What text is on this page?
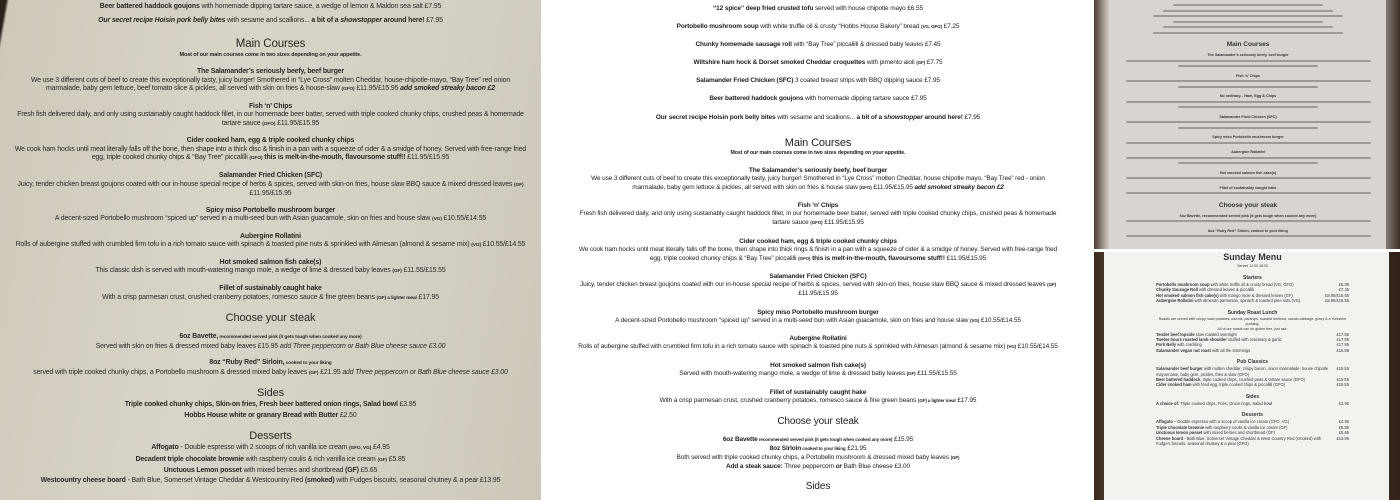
Beer battered haddock goujons with homemade dipping tartare sauce, a wedge of lemon & Maldon sea salt £7.95
Our secret recipe Hoisin pork belly bites with sesame and scallions... a bit of a showstopper around here! £7.95
Main Courses
Most of our main courses come in two sizes depending on your appetite.
The Salamander’s seriously beefy, beef burger
We use 3 different cuts of beef to create this exceptionally tasty, juicy burger! Smothered in “Lye Cross” molten Cheddar, house-chipotle-mayo, “Bay Tree” red onion marmalade, baby gem lettuce, beef tomato slice & pickles, all served with skin on fries & house-slaw (GFO) £11.95/£15.95 add smoked streaky bacon £2
Fish ‘n’ Chips
Fresh fish delivered daily, and only using sustainably caught haddock fillet, in our homemade beer batter, served with triple cooked chunky chips, crushed peas & homemade tartare sauce (GFO) £11.95/£15.95
Cider cooked ham, egg & triple cooked chunky chips
We cook ham hocks until meat literally falls off the bone, then shape into a thick disc & finish in a pan with a squeeze of cider & a smidge of honey. Served with free-range fried egg, triple cooked chunky chips & “Bay Tree” piccalilli (GFO) this is melt-in-the-mouth, flavoursome stuff!! £11.95/£15.95
Salamander Fried Chicken (SFC)
Juicy, tender chicken breast goujons coated with our in-house special recipe of herbs & spices, served with skin-on fries, house slaw BBQ sauce & mixed dressed leaves (GF) £11.95/£15.95
Spicy miso Portobello mushroom burger
A decent-sized Portobello mushroom “spiced up” served in a multi-seed bun with Asian guacamole, skin on fries and house slaw (VG) £10.55/£14.55
Aubergine Rollatini
Rolls of aubergine stuffed with crumbled firm tofu in a rich tomato sauce with spinach & toasted pine nuts & sprinkled with Almesan (almond & sesame mix) (VG) £10.55/£14.55
Hot smoked salmon fish cake(s)
This classic dish is served with mouth-watering mango mole, a wedge of lime & dressed baby leaves (GF) £11.55/£15.55
Fillet of sustainably caught hake
With a crisp parmesan crust, crushed cranberry potatoes, romesco sauce & fine green beans (GF) a lighter meal £17.95
Choose your steak
6oz Bavette, recommended served pink (it gets tough when cooked any more)
Served with skin on fries & dressed mixed baby leaves £15.95 add Three peppercorn or Bath Blue cheese sauce £3.00
8oz “Ruby Red” Sirloin, cooked to your liking
served with triple cooked chunky chips, a Portobello mushroom & dressed mixed baby leaves (GF) £21.95 add Three peppercorn or Bath Blue cheese sauce £3.00
Sides
Triple cooked chunky chips, Skin-on fries, Fresh beer battered onion rings, Salad bowl £3.95
Hobbs House white or granary Bread with Butter £2.50
Desserts
Affogato - Double espresso with 2 scoops of rich vanilla ice cream (GFO, VG) £4.95
Decadent triple chocolate brownie with raspberry coulis & rich vanilla ice cream (GF) £5.85
Unctuous Lemon posset with mixed berries and shortbread (GF) £5.65
Westcountry cheese board - Bath Blue, Somerset Vintage Cheddar & Westcountry Red (smoked) with Fudges biscuits, seasonal chutney & a pear £13.95
“12 spice” deep fried crusted tofu served with house chipotle mayo £6.55
Portobello mushroom soup with white truffle oil & crusty “Hobbs House Bakery” bread (VG, GFO) £7.25
Chunky homemade sausage roll with “Bay Tree” piccalilli & dressed baby leaves £7.45
Wiltshire ham hock & Dorset smoked Cheddar croquettes with pimento aioli (GF) £7.75
Salamander Fried Chicken (SFC) 3 coated breast strips with BBQ dipping sauce £7.95
Beer battered haddock goujons with homemade dipping tartare sauce £7.95
Our secret recipe Hoisin pork belly bites with sesame and scallions... a bit of a showstopper around here! £7.95
Main Courses
Most of our main courses come in two sizes depending on your appetite.
The Salamander’s seriously beefy, beef burger
We use 3 different cuts of beef to create this exceptionally tasty, juicy burger! Smothered in “Lye Cross” molten Cheddar, house chipotle mayo, “Bay Tree” red - onion marmalade, baby gem lettuce & pickles, all served with skin on fries & house slaw (GFO) £11.95/£15.95 add smoked streaky bacon £2
Fish ‘n’ Chips
Fresh fish delivered daily, and only using sustainably caught haddock fillet, in our homemade beer batter, served with triple cooked chunky chips, crushed peas & homemade tartare sauce (GFO) £11.95/£15.95
Cider cooked ham, egg & triple cooked chunky chips
We cook ham hocks until meat literally falls off the bone, then shape into thick rings & finish in a pan with a squeeze of cider & a smidge of honey. Served with free-range fried egg, triple cooked chunky chips & “Bay Tree” piccalilli (GFO) this is melt-in-the-mouth, flavoursome stuff!! £11.95/£15.95
Salamander Fried Chicken (SFC)
Juicy, tender chicken breast goujons coated with our in-house special recipe of herbs & spices, served with skin-on fries, house slaw BBQ sauce & mixed dressed leaves (GF) £11.95/£15.95
Spicy miso Portobello mushroom burger
A decent-sized Portobello mushroom “spiced up” served in a multi-seed bun with Asian guacamole, skin on fries and house slaw (VG) £10.55/£14.55
Aubergine Rollatini
Rolls of aubergine stuffed with crumbled firm tofu in a rich tomato sauce with spinach & toasted pine nuts & sprinkled with Almesan (almond & sesame mix) (VG) £10.55/£14.55
Hot smoked salmon fish cake(s)
Served with mouth-watering mango mole, a wedge of lime & dressed baby leaves (GF) £11.55/£15.55
Fillet of sustainably caught hake
With a crisp parmesan crust, crushed cranberry potatoes, romesco sauce & fine green beans (GF) a lighter meal £17.95
Choose your steak
6oz Bavette recommended served pink (it gets tough when cooked any more) £15.95
8oz Sirloin cooked to your liking £21.95
Both served with triple cooked chunky chips, a Portobello mushroom & dressed mixed baby leaves (GF)
Add a steak sauce: Three peppercorn or Bath Blue cheese £3.00
Sides
Main Courses
The Salamander’s seriously beefy, beef burger
Fish ‘n’ Chips
No ordinary... Ham, Egg & Chips
Salamander Fried Chicken (SFC)
Spicy miso Portobello mushroom burger
Aubergine Rollatini
Hot smoked salmon fish cake(s)
Fillet of sustainably caught hake
Choose your steak
6oz Bavette, recommended served pink (it gets tough when cooked any more)
8oz “Ruby Red” Sirloin, cooked to your liking
Sunday Menu
Served 12:00-18:00
Starters
Portobello mushroom soup with white truffle oil & crusty bread (VG, GFO)	£6.95
Chunky Sausage Roll with dressed leaves & piccalilli	£7.45
Hot smoked salmon fish cake(s) with mango mole & dressed leaves (GF)	£8.95/£15.55
Aubergine Rollatini with almesan parmesan, spinach & toasted pine nuts (VG)	£8.95/£15.55
Sunday Roast Lunch
Roasts are served with crispy roast potatoes, carrots, parsnips, roasted beetroot, cavalo cabbage, gravy & a Yorkshire pudding.
All of our roasts can be gluten free, just ask.
Tender beef topside slow roasted overnight	£17.95
Twelve hours roasted lamb shoulder stuffed with rosemary & garlic	£17.95
Pork Belly with crackling	£17.95
Salamander vegan nut roast with all the trimmings	£15.95
Pub Classics
Salamander beef burger with molten cheddar, crispy bacon, onion marmalade, house chipotle mayonnaise, baby gem, pickles, fries & slaw (GFO)
£15.55
Beer battered haddock, triple cooked chips, crushed peas & tartare sauce (GFO)	£15.55
Cider cooked ham with fried egg, triple cooked chips & piccalilli (GFO)	£15.55
Sides
A choice of: Triple cooked chips, Fries, Onion rings, Salad bowl	£3.90
Desserts
Affogato – Double espresso with a scoop of vanilla ice cream (GFO, VG)	£4.95
Triple chocolate brownie with raspberry coulis & vanilla ice cream (GF)	£5.85
Unctuous lemon posset with mixed berries and shortbread (GF)	£5.65
Cheese board - Bath Blue, Somerset Vintage Cheddar & West Country Red (smoked) with Fudge's biscuits, seasonal chutney & a pear (GFO)
£13.95
